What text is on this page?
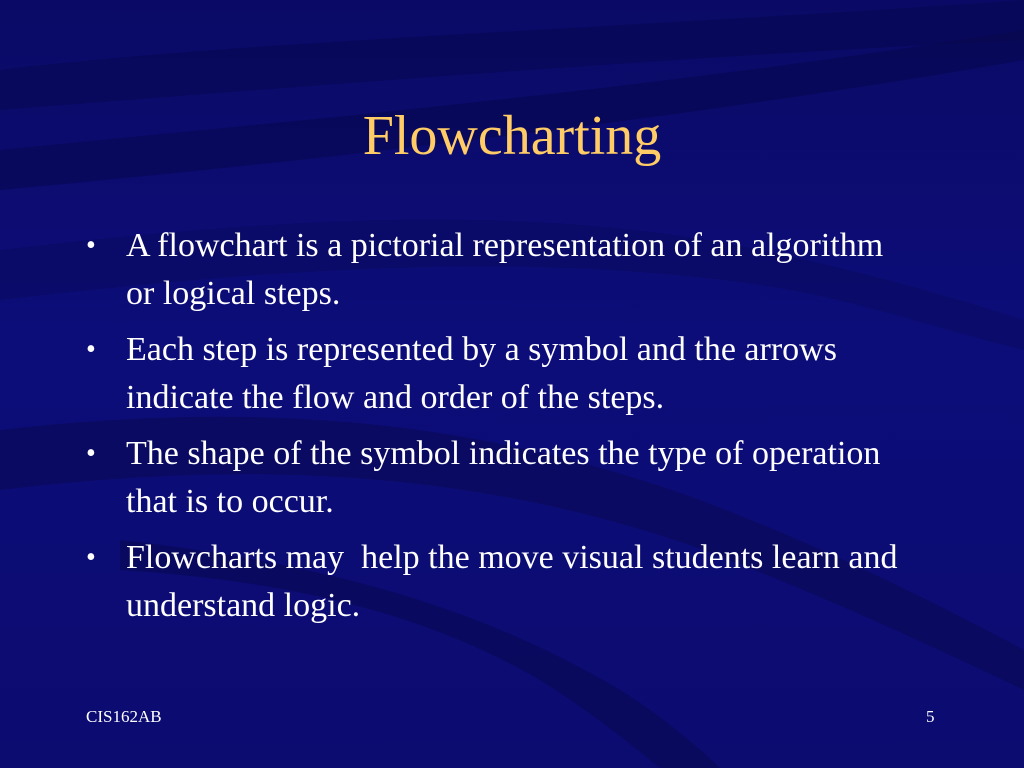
Flowcharting
• A flowchart is a pictorial representation of an algorithm or logical steps.
• Each step is represented by a symbol and the arrows indicate the flow and order of the steps.
• The shape of the symbol indicates the type of operation that is to occur.
• Flowcharts may  help the move visual students learn and understand logic.
CIS162AB	5
